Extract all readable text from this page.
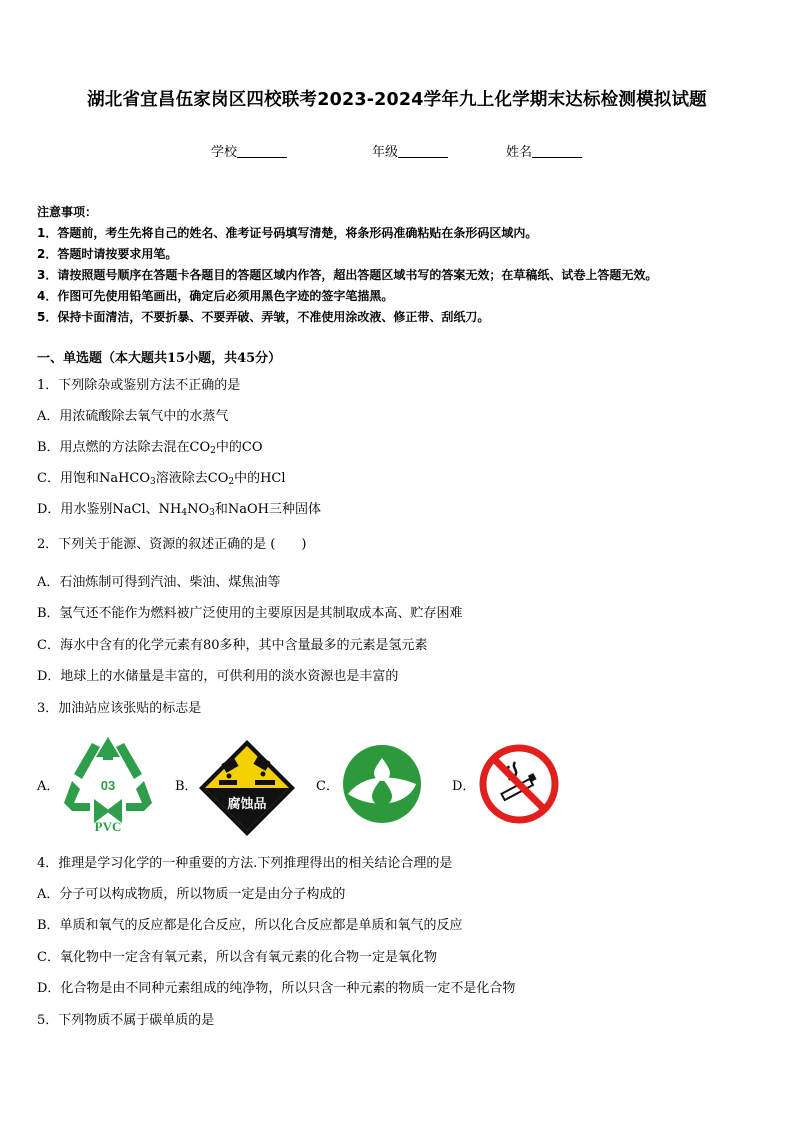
湖北省宜昌伍家岗区四校联考2023-2024学年九上化学期末达标检测模拟试题
学校	年级	姓名
注意事项：
1．答题前，考生先将自己的姓名、准考证号码填写清楚，将条形码准确粘贴在条形码区域内。
2．答题时请按要求用笔。
3．请按照题号顺序在答题卡各题目的答题区域内作答，超出答题区域书写的答案无效；在草稿纸、试卷上答题无效。
4．作图可先使用铅笔画出，确定后必须用黑色字迹的签字笔描黑。
5．保持卡面清洁，不要折暴、不要弄破、弄皱，不准使用涂改液、修正带、刮纸刀。
一、单选题（本大题共15小题，共45分）
1．下列除杂或鉴别方法不正确的是
A．用浓硫酸除去氧气中的水蒸气
B．用点燃的方法除去混在$CO_2$中的CO
C．用饱和NaHCO$_3$溶液除去$CO_2$中的HCl
D．用水鉴别NaCl、$NH_4NO_3$和NaOH三种固体
2．下列关于能源、资源的叙述正确的是 (　　)
A．石油炼制可得到汽油、柴油、煤焦油等
B．氢气还不能作为燃料被广泛使用的主要原因是其制取成本高、贮存困难
C．海水中含有的化学元素有80多种，其中含量最多的元素是氢元素
D．地球上的水储量是丰富的，可供利用的淡水资源也是丰富的
3．加油站应该张贴的标志是
A．	03
PVC
B．
腐蚀品
C．	D．
4．推理是学习化学的一种重要的方法.下列推理得出的相关结论合理的是
A．分子可以构成物质，所以物质一定是由分子构成的
B．单质和氧气的反应都是化合反应，所以化合反应都是单质和氧气的反应
C．氧化物中一定含有氧元素，所以含有氧元素的化合物一定是氧化物
D．化合物是由不同种元素组成的纯净物，所以只含一种元素的物质一定不是化合物
5．下列物质不属于碳单质的是
